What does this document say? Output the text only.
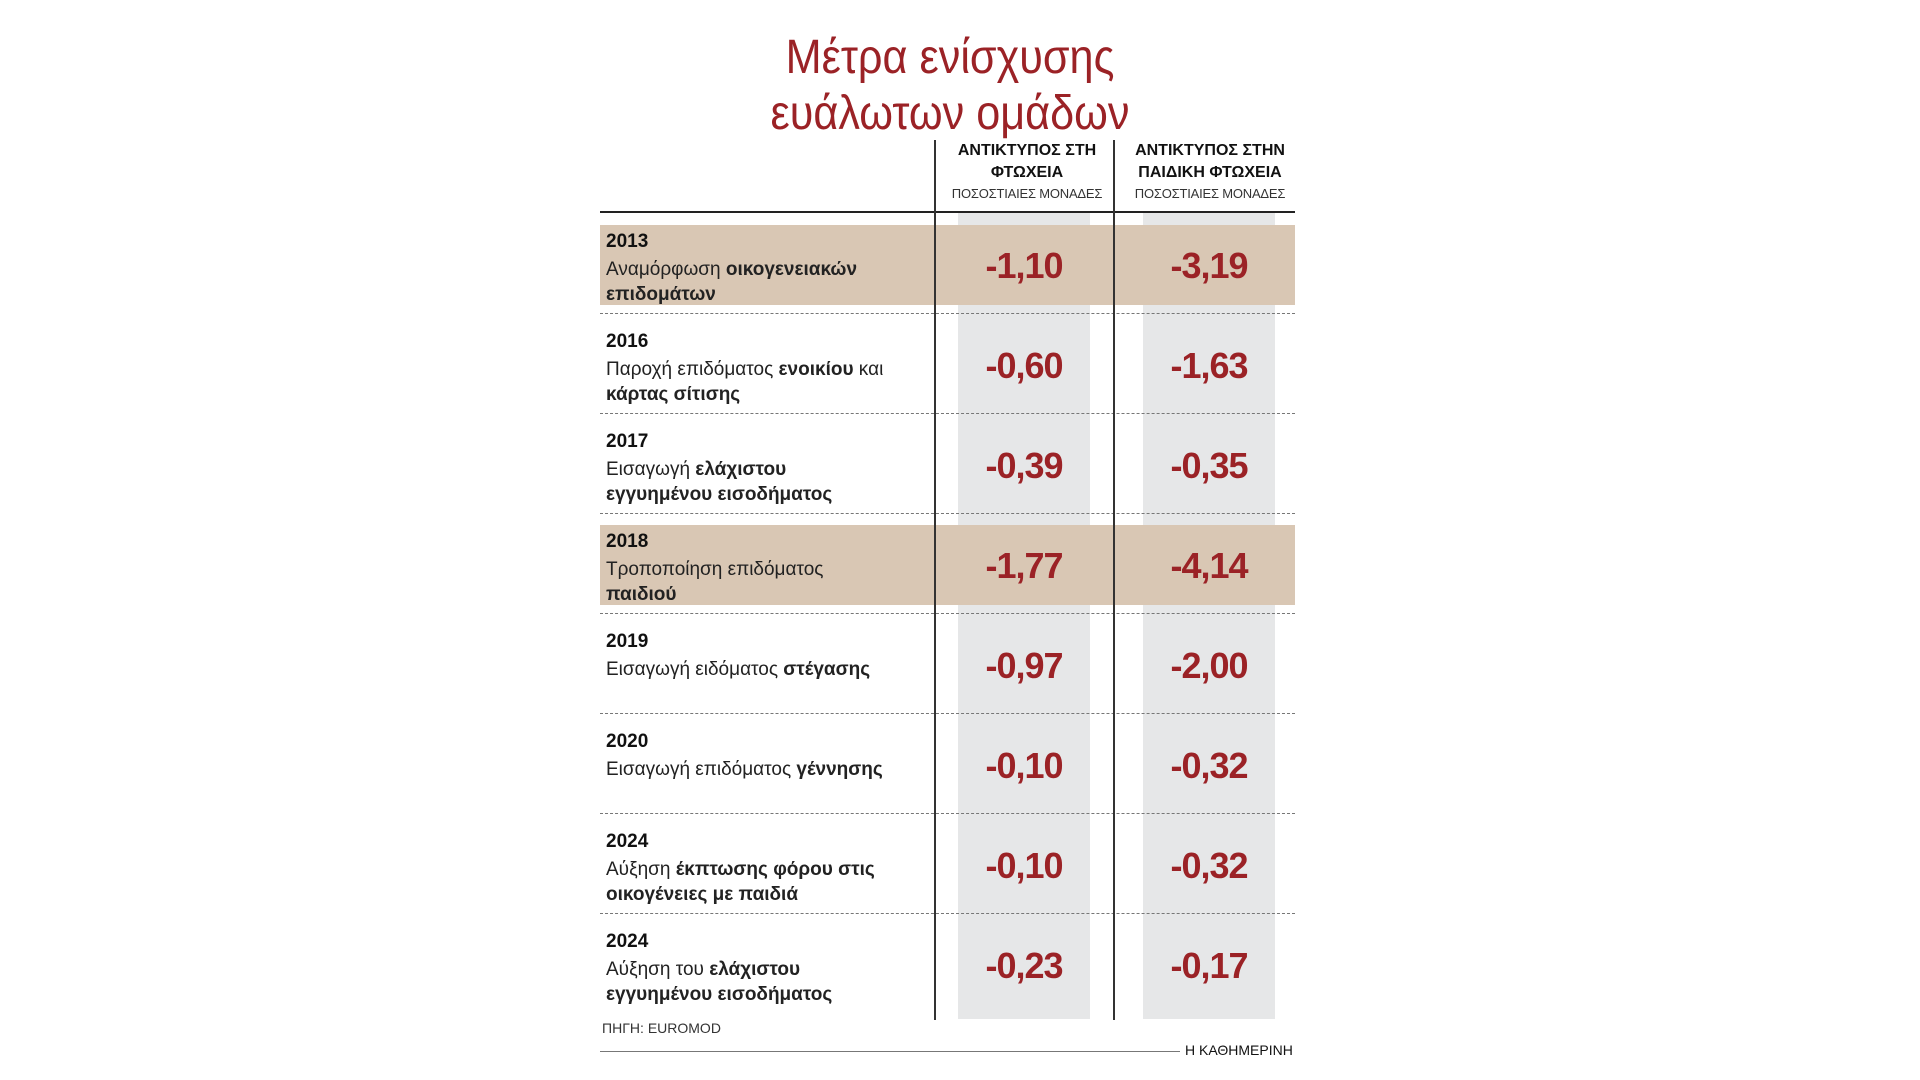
Μέτρα ενίσχυσης
ευάλωτων ομάδων
ΑΝΤΙΚΤΥΠΟΣ ΣΤΗ
ΦΤΩΧΕΙΑ
ΠΟΣΟΣΤΙΑΙΕΣ ΜΟΝΑΔΕΣ
ΑΝΤΙΚΤΥΠΟΣ ΣΤΗΝ
ΠΑΙΔΙΚΗ ΦΤΩΧΕΙΑ
ΠΟΣΟΣΤΙΑΙΕΣ ΜΟΝΑΔΕΣ
2013
Αναμόρφωση οικογενειακών επιδομάτων
-1,10	-3,19
2016
Παροχή επιδόματος ενοικίου και κάρτας σίτισης
-0,60	-1,63
2017
Εισαγωγή ελάχιστου εγγυημένου εισοδήματος
-0,39	-0,35
2018
Τροποποίηση επιδόματος παιδιού
-1,77	-4,14
2019
Εισαγωγή ειδόματος στέγασης	-0,97	-2,00
2020
Εισαγωγή επιδόματος γέννησης	-0,10	-0,32
2024
Αύξηση έκπτωσης φόρου στις οικογένειες με παιδιά
-0,10	-0,32
2024
Αύξηση του ελάχιστου εγγυημένου εισοδήματος
-0,23	-0,17
ΠΗΓΗ: EUROMOD
Η ΚΑΘΗΜΕΡΙΝΗ
